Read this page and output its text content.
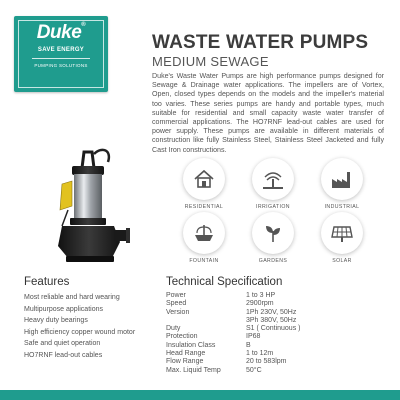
Duke®
SAVE ENERGY
PUMPING SOLUTIONS
WASTE WATER PUMPS
MEDIUM SEWAGE

Duke's Waste Water Pumps are high performance pumps designed for Sewage & Drainage water applications. The impellers are of Vortex, Open, closed types depends on the models and the impeller's material too varies. These series pumps are handy and portable types, much suitable for residential and small capacity waste water transfer of commercial applications. The HO7RNF lead-out cables are used for power supply. These pumps are available in different materials of construction like fully Stainless Steel, Stainless Steel Jacketed and fully Cast Iron constructions.

RESIDENTIAL	IRRIGATION	INDUSTRIAL
FOUNTAIN	GARDENS	SOLAR
Features
Most reliable and hard wearing
Multipurpose applications
Heavy duty bearings
High efficiency copper wound motor
Safe and quiet operation
HO7RNF lead-out cables
Technical Specification
Power	1 to 3 HP
Speed	2900rpm
Version	1Ph 230V, 50Hz
3Ph 380V, 50Hz
Duty	S1 ( Continuous )
Protection	IP68
Insulation Class	B
Head Range	1 to 12m
Flow Range	20 to 583lpm
Max. Liquid Temp	50°C
